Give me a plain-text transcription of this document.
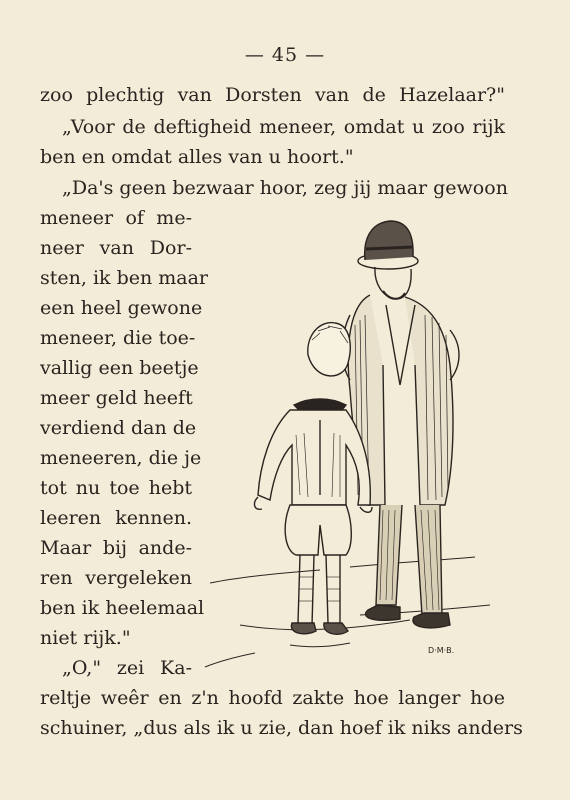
— 45 —
zoo plechtig van Dorsten van de Hazelaar?"
„Voor de deftigheid meneer, omdat u zoo rijk
ben en omdat alles van u hoort."
„Da's geen bezwaar hoor, zeg jij maar gewoon
meneer of me-
neer van Dor-
sten, ik ben maar
een heel gewone
meneer, die toe-
vallig een beetje
meer geld heeft
verdiend dan de
meneeren, die je
tot nu toe hebt
leeren kennen.
Maar bij ande-
ren vergeleken
ben ik heelemaal
niet rijk."
„O," zei Ka-
reltje weêr en z'n hoofd zakte hoe langer hoe
schuiner, „dus als ik u zie, dan hoef ik niks anders
D·M·B.
